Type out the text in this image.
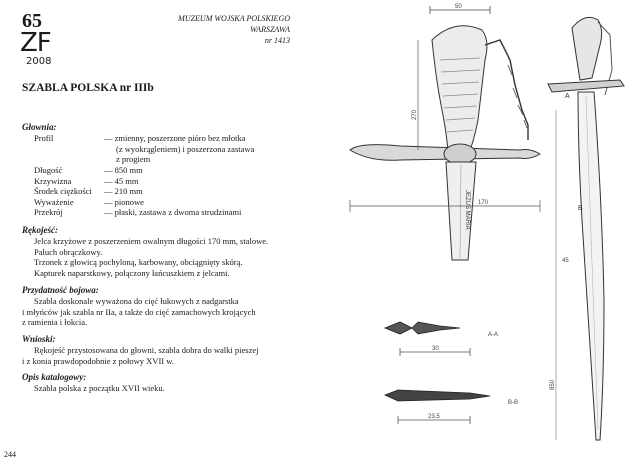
65
ZF
2008
MUZEUM WOJSKA POLSKIEGO
WARSZAWA
nr 1413
SZABLA POLSKA nr IIIb
Głownia:
Profil	— zmienny, poszerzone pióro bez młotka
(z wyokrągleniem) i poszerzona zastawa
z progiem
Długość	— 850 mm
Krzywizna	— 45 mm
Środek ciężkości — 210 mm
Wyważenie	— pionowe
Przekrój	— płaski, zastawa z dwoma strudzinami
Rękojeść:
Jelca krzyżowe z poszerzeniem owalnym długości 170 mm, stalowe.
Paluch obrączkowy.
Trzonek z głowicą pochyloną, karbowany, obciągnięty skórą.
Kapturek naparstkowy, połączony łańcuszkiem z jelcami.
Przydatność bojowa:
Szabla doskonale wyważona do cięć łukowych z nadgarstka
i młyńców jak szabla nr IIa, a także do cięć zamachowych krojących
z ramienia i łokcia.
Wnioski:
Rękojeść przystosowana do głowni, szabla dobra do walki pieszej
i z konia prawdopodobnie z połowy XVII w.
Opis katalogowy:
Szabla polska z początku XVII wieku.
244
50
JEZUS MARIA
270
170
A-A
30
B-B
23.5
A
B
45
850
